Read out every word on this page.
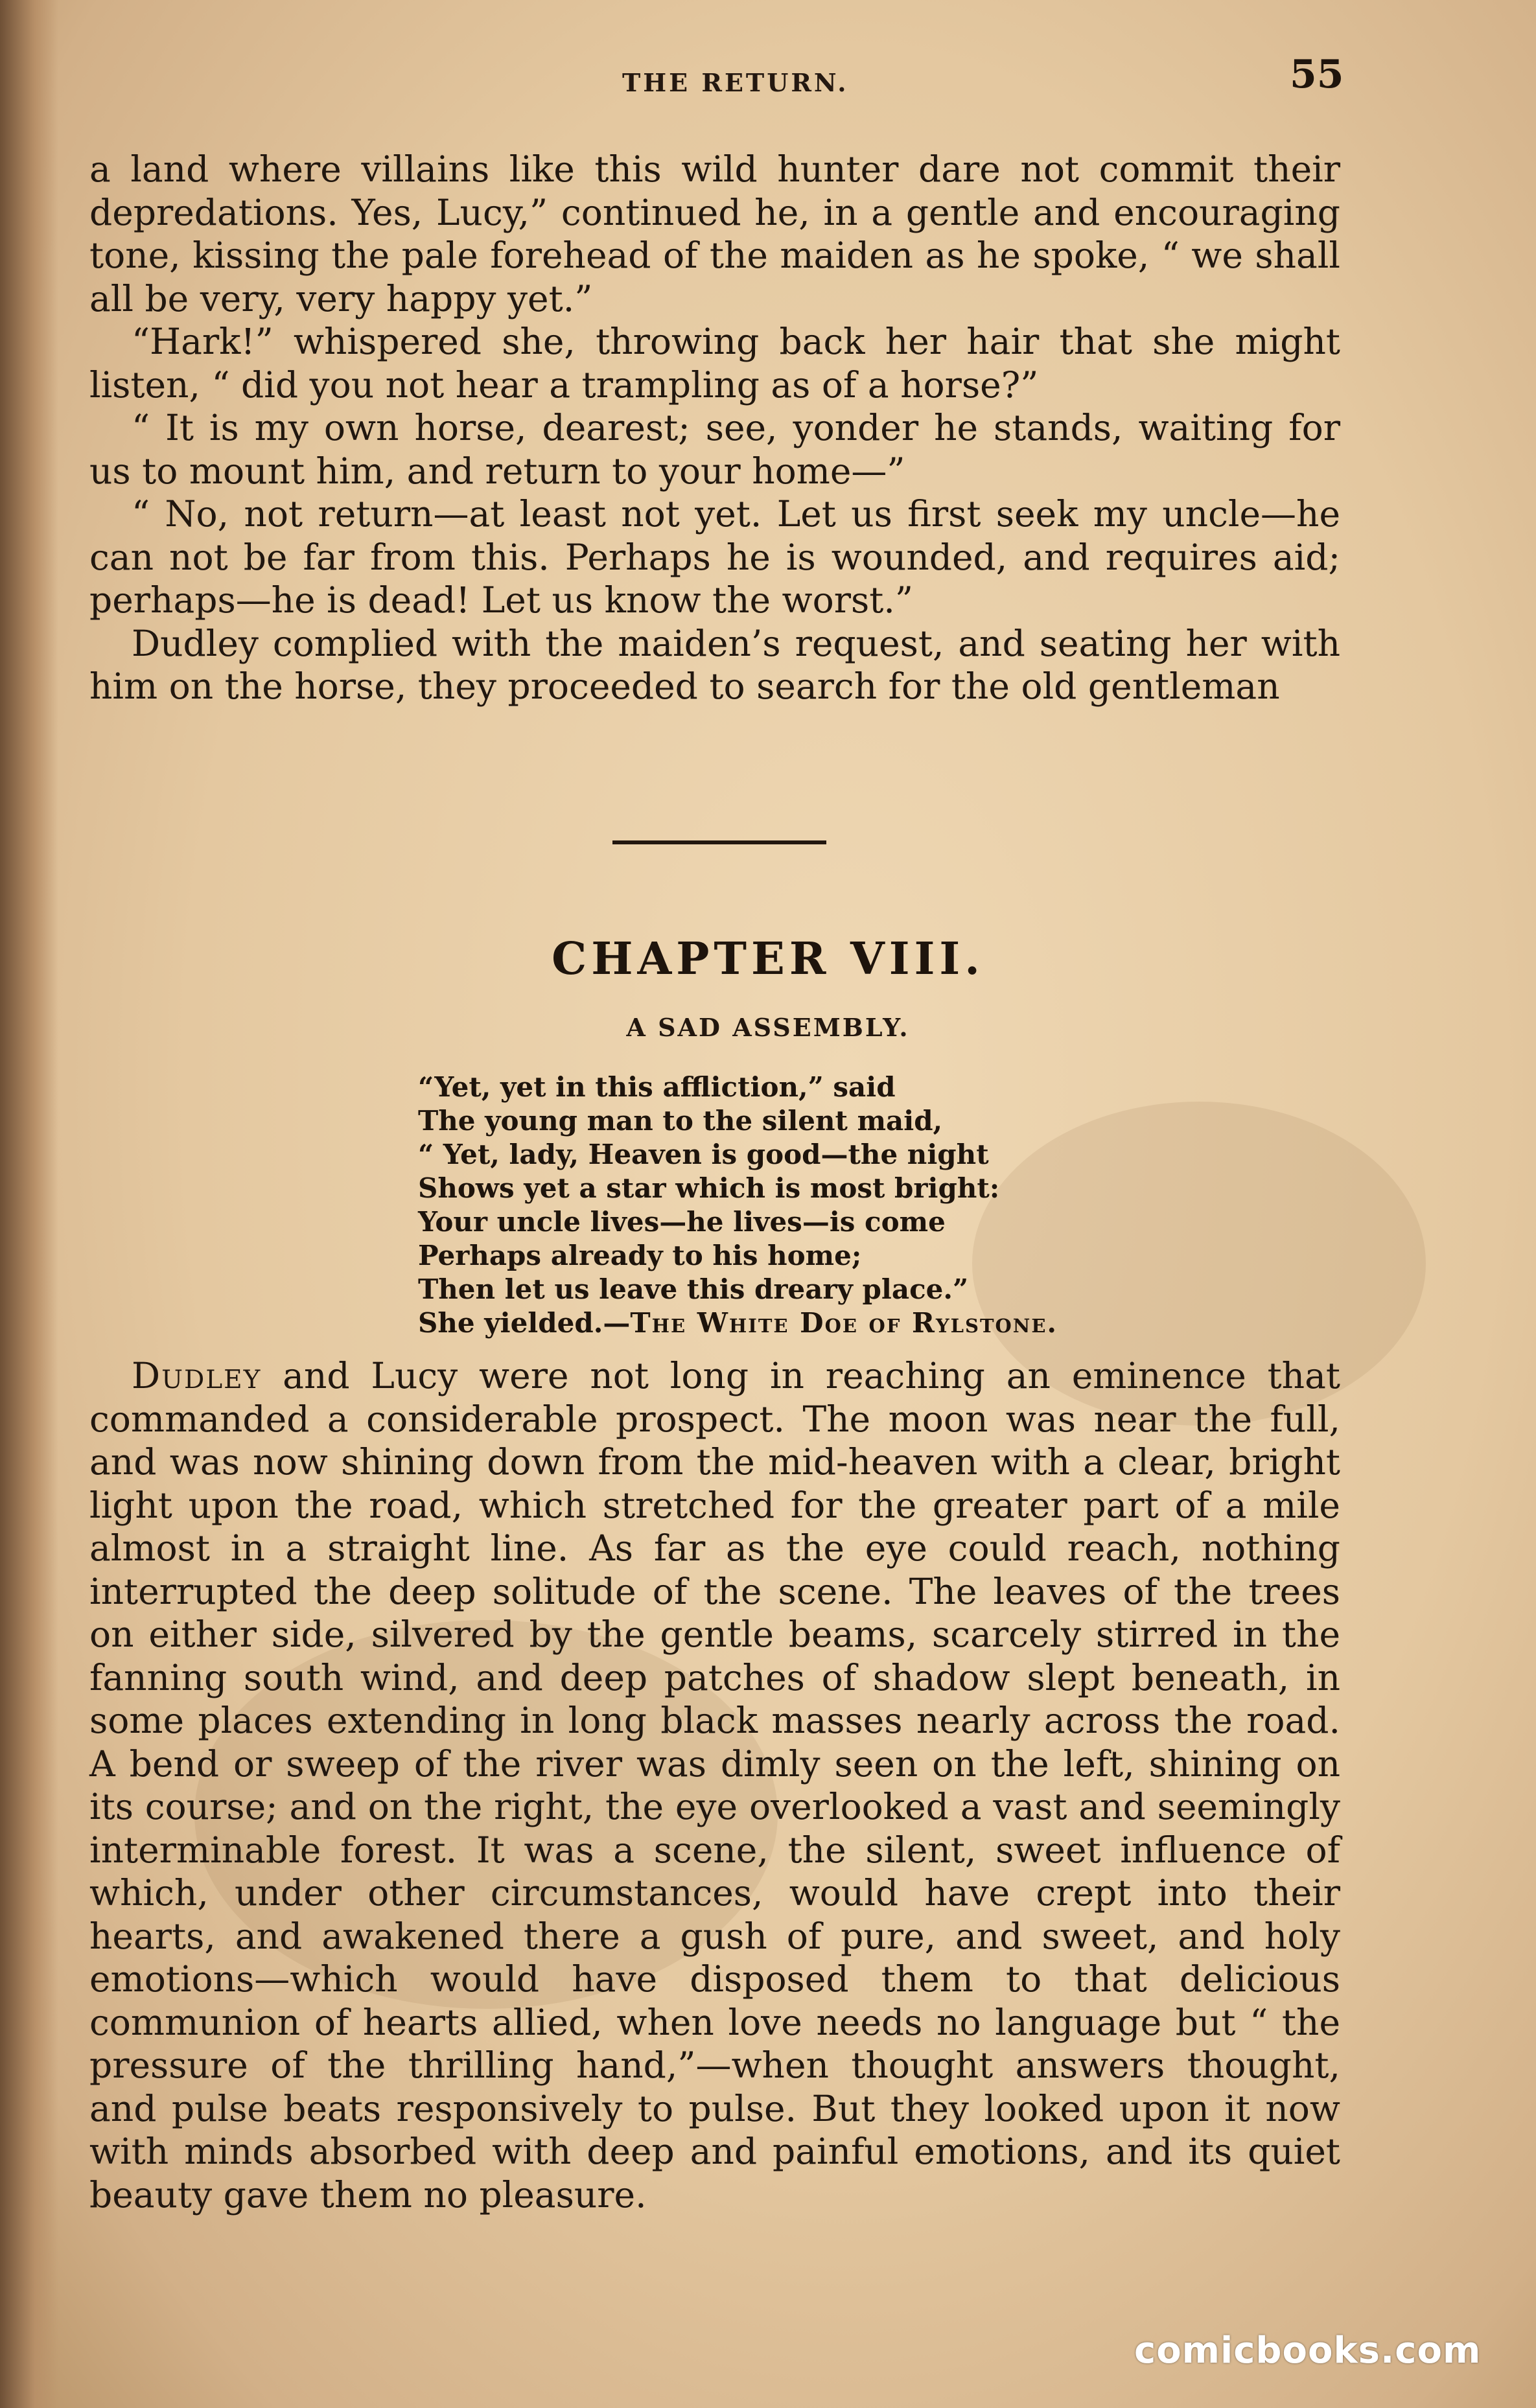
THE RETURN.	55

a land where villains like this wild hunter dare not commit their depredations. Yes, Lucy,” continued he, in a gentle and encouraging tone, kissing the pale forehead of the maiden as he spoke, “ we shall all be very, very happy yet.”

“Hark!” whispered she, throwing back her hair that she might listen, “ did you not hear a trampling as of a horse?”

“ It is my own horse, dearest; see, yonder he stands, waiting for us to mount him, and return to your home—”

“ No, not return—at least not yet. Let us first seek my uncle—he can not be far from this. Perhaps he is wounded, and requires aid; perhaps—he is dead! Let us know the worst.”

Dudley complied with the maiden’s request, and seating her with him on the horse, they proceeded to search for the old gentleman

CHAPTER VIII.
A SAD ASSEMBLY.
“Yet, yet in this affliction,” said
The young man to the silent maid,
“ Yet, lady, Heaven is good—the night
Shows yet a star which is most bright:
Your uncle lives—he lives—is come
Perhaps already to his home;
Then let us leave this dreary place.”
She yielded.—The White Doe of Rylstone.

Dudley and Lucy were not long in reaching an eminence that commanded a considerable prospect. The moon was near the full, and was now shining down from the mid-heaven with a clear, bright light upon the road, which stretched for the greater part of a mile almost in a straight line. As far as the eye could reach, nothing interrupted the deep solitude of the scene. The leaves of the trees on either side, silvered by the gentle beams, scarcely stirred in the fanning south wind, and deep patches of shadow slept beneath, in some places extending in long black masses nearly across the road. A bend or sweep of the river was dimly seen on the left, shining on its course; and on the right, the eye overlooked a vast and seemingly interminable forest. It was a scene, the silent, sweet influence of which, under other circumstances, would have crept into their hearts, and awakened there a gush of pure, and sweet, and holy emotions—which would have disposed them to that delicious communion of hearts allied, when love needs no language but “ the pressure of the thrilling hand,”—when thought answers thought, and pulse beats responsively to pulse. But they looked upon it now with minds absorbed with deep and painful emotions, and its quiet beauty gave them no pleasure.

comicbooks.com
